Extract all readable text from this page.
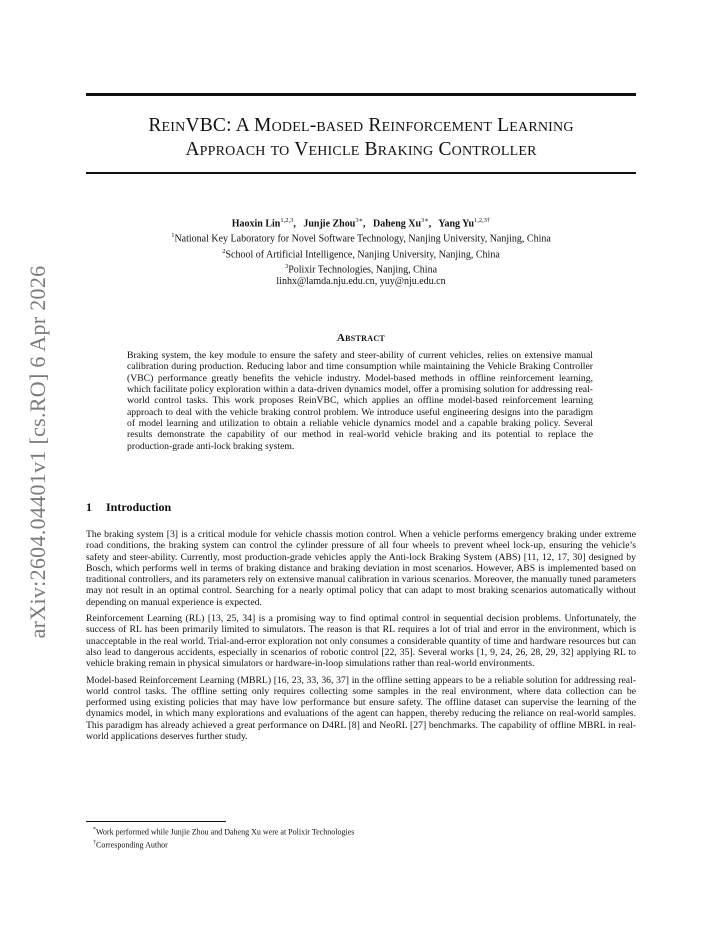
arXiv:2604.04401v1 [cs.RO] 6 Apr 2026
ReinVBC: A Model-based Reinforcement Learning
Approach to Vehicle Braking Controller
Haoxin Lin$^{1,2,3}$,   Junjie Zhou$^{3∗}$,   Daheng $Xu^{3∗}$,   Yang $Yu^{1,2,3\dagger}$
$^1$National Key Laboratory for Novel Software Technology, Nanjing University, Nanjing, China
$^2$School of Artificial Intelligence, Nanjing University, Nanjing, China
$^3$Polixir Technologies, Nanjing, China
linhx@lamda.nju.edu.cn, yuy@nju.edu.cn
Abstract
Braking system, the key module to ensure the safety and steer-ability of current vehicles, relies on extensive manual calibration during production. Reducing labor and time consumption while maintaining the Vehicle Braking Controller (VBC) performance greatly benefits the vehicle industry. Model-based methods in offline reinforcement learning, which facilitate policy exploration within a data-driven dynamics model, offer a promising solution for addressing real-world control tasks. This work proposes ReinVBC, which applies an offline model-based reinforcement learning approach to deal with the vehicle braking control problem. We introduce useful engineering designs into the paradigm of model learning and utilization to obtain a reliable vehicle dynamics model and a capable braking policy. Several results demonstrate the capability of our method in real-world vehicle braking and its potential to replace the production-grade anti-lock braking system.
1 Introduction

The braking system [3] is a critical module for vehicle chassis motion control. When a vehicle performs emergency braking under extreme road conditions, the braking system can control the cylinder pressure of all four wheels to prevent wheel lock-up, ensuring the vehicle’s safety and steer-ability. Currently, most production-grade vehicles apply the Anti-lock Braking System (ABS) [11, 12, 17, 30] designed by Bosch, which performs well in terms of braking distance and braking deviation in most scenarios. However, ABS is implemented based on traditional controllers, and its parameters rely on extensive manual calibration in various scenarios. Moreover, the manually tuned parameters may not result in an optimal control. Searching for a nearly optimal policy that can adapt to most braking scenarios automatically without depending on manual experience is expected.

Reinforcement Learning (RL) [13, 25, 34] is a promising way to find optimal control in sequential decision problems. Unfortunately, the success of RL has been primarily limited to simulators. The reason is that RL requires a lot of trial and error in the environment, which is unacceptable in the real world. Trial-and-error exploration not only consumes a considerable quantity of time and hardware resources but can also lead to dangerous accidents, especially in scenarios of robotic control [22, 35]. Several works [1, 9, 24, 26, 28, 29, 32] applying RL to vehicle braking remain in physical simulators or hardware-in-loop simulations rather than real-world environments.

Model-based Reinforcement Learning (MBRL) [16, 23, 33, 36, 37] in the offline setting appears to be a reliable solution for addressing real-world control tasks. The offline setting only requires collecting some samples in the real environment, where data collection can be performed using existing policies that may have low performance but ensure safety. The offline dataset can supervise the learning of the dynamics model, in which many explorations and evaluations of the agent can happen, thereby reducing the reliance on real-world samples. This paradigm has already achieved a great performance on D4RL [8] and NeoRL [27] benchmarks. The capability of offline MBRL in real-world applications deserves further study.

*Work performed while Junjie Zhou and Daheng Xu were at Polixir Technologies
†Corresponding Author
